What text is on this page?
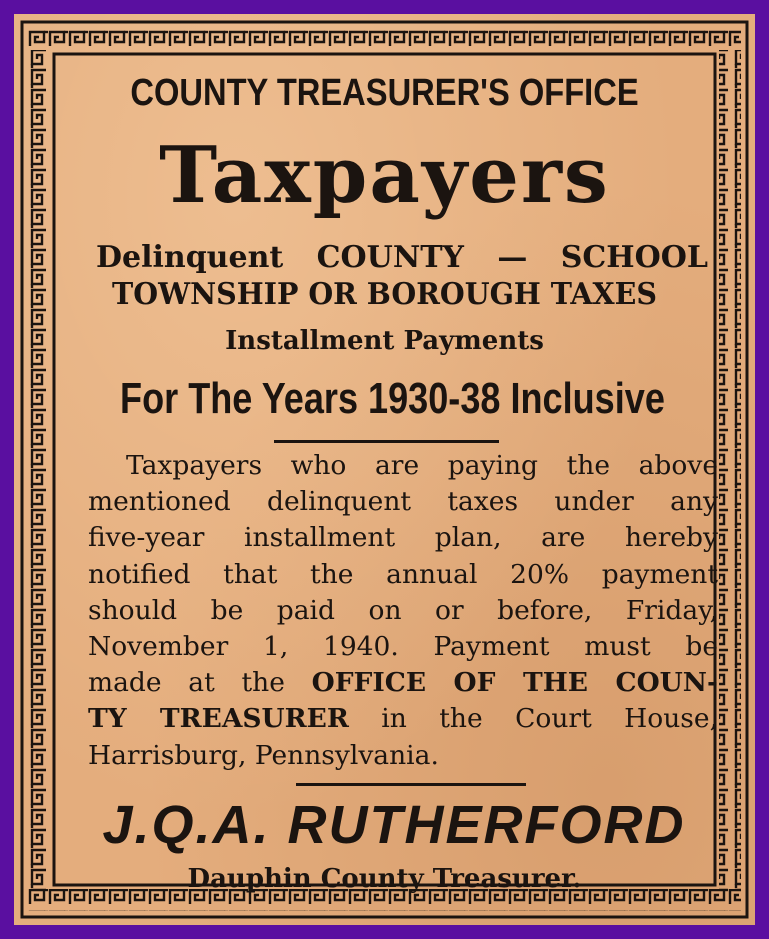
COUNTY TREASURER'S OFFICE
Taxpayers
Delinquent COUNTY — SCHOOL
TOWNSHIP OR BOROUGH TAXES
Installment Payments
For The Years 1930-38 Inclusive
Taxpayers who are paying the above
mentioned delinquent taxes under any
five-year installment plan, are hereby
notified that the annual 20% payment
should be paid on or before, Friday,
November 1, 1940. Payment must be
made at the OFFICE OF THE COUN-
TY TREASURER in the Court House,
Harrisburg, Pennsylvania.
J.Q.A. RUTHERFORD
Dauphin County Treasurer.
